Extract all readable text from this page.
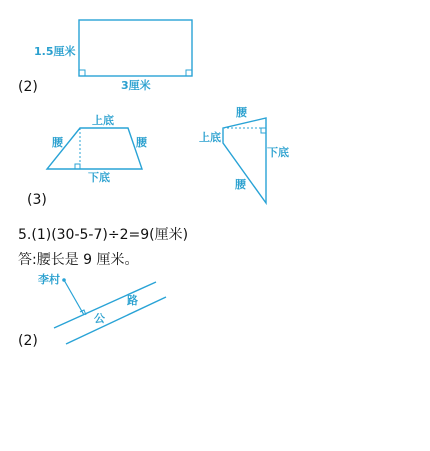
1.5厘米
3厘米
(2)
上底
下底
腰	腰
腰
上底
下底
腰
(3)
5.(1)(30-5-7)÷2=9(厘米)
答:腰长是 9 厘米。
李村
公
路
(2)
